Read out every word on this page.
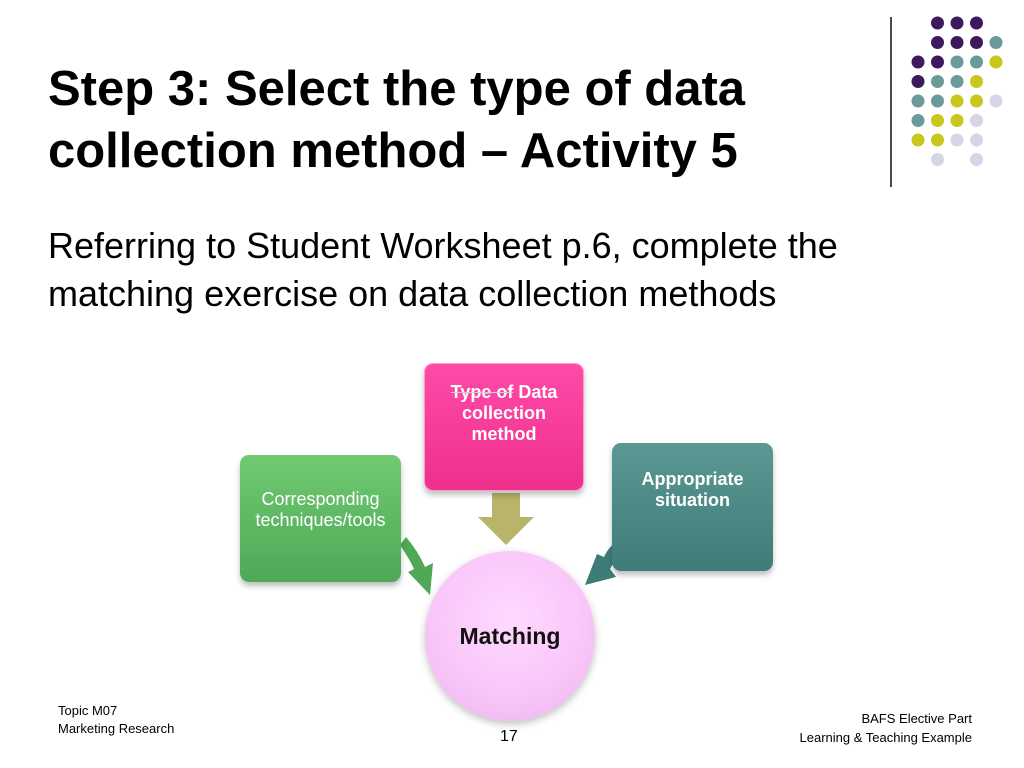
Step 3: Select the type of data
collection method – Activity 5
Referring to Student Worksheet p.6, complete the
matching exercise on data collection methods
Type of Data
collection
method
Corresponding
techniques/tools
Appropriate
situation
Matching
Topic M07
Marketing Research	17
BAFS Elective Part
Learning & Teaching Example
